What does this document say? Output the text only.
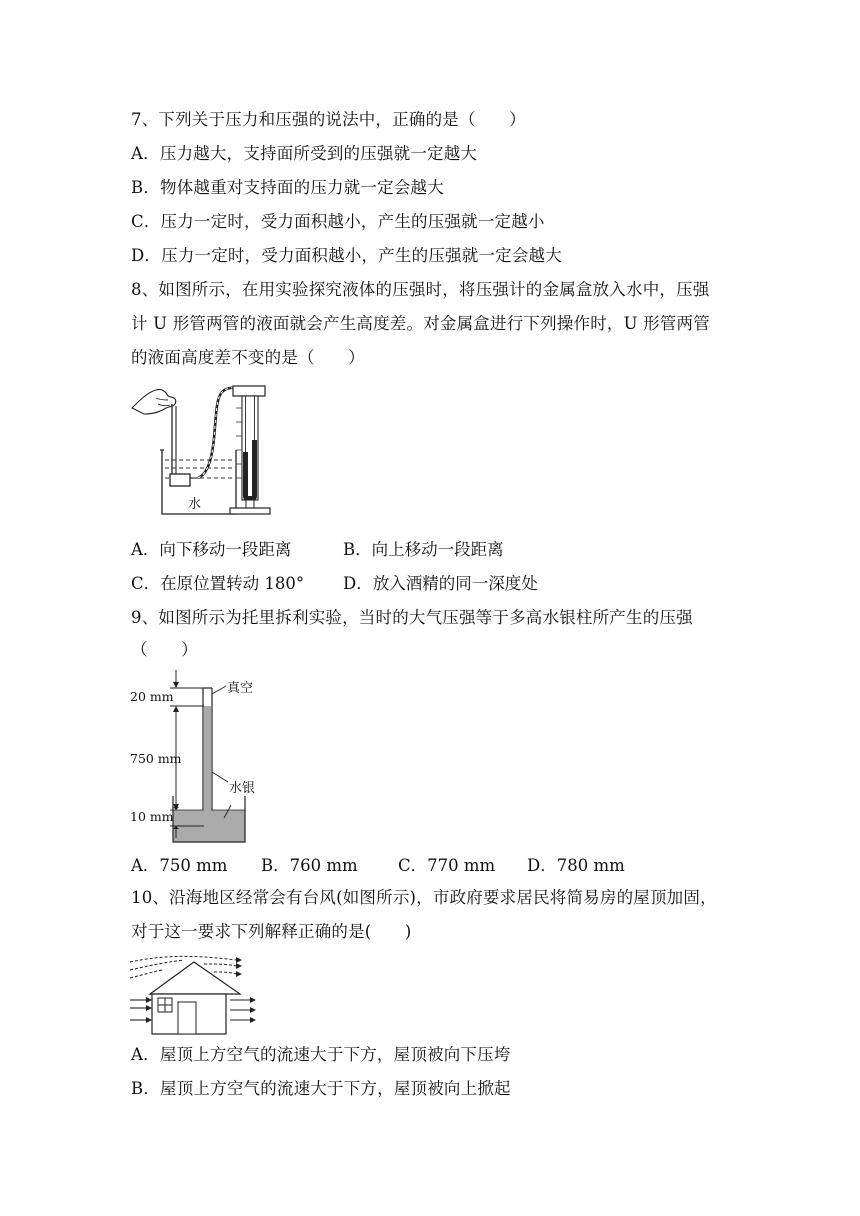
7、下列关于压力和压强的说法中，正确的是（　　）
A．压力越大，支持面所受到的压强就一定越大
B．物体越重对支持面的压力就一定会越大
C．压力一定时，受力面积越小，产生的压强就一定越小
D．压力一定时，受力面积越小，产生的压强就一定会越大
8、如图所示，在用实验探究液体的压强时，将压强计的金属盒放入水中，压强
计 U 形管两管的液面就会产生高度差。对金属盒进行下列操作时，U 形管两管
的液面高度差不变的是（　　）
水
A．向下移动一段距离	B．向上移动一段距离
C．在原位置转动 180° D．放入酒精的同一深度处
9、如图所示为托里拆利实验，当时的大气压强等于多高水银柱所产生的压强
（　　）
20 mm
750 mm
10 mm
真空
水银
A．750 mm B．760 mm C．770 mm D．780 mm
10、沿海地区经常会有台风(如图所示)，市政府要求居民将简易房的屋顶加固，
对于这一要求下列解释正确的是(　　)
A．屋顶上方空气的流速大于下方，屋顶被向下压垮
B．屋顶上方空气的流速大于下方，屋顶被向上掀起
